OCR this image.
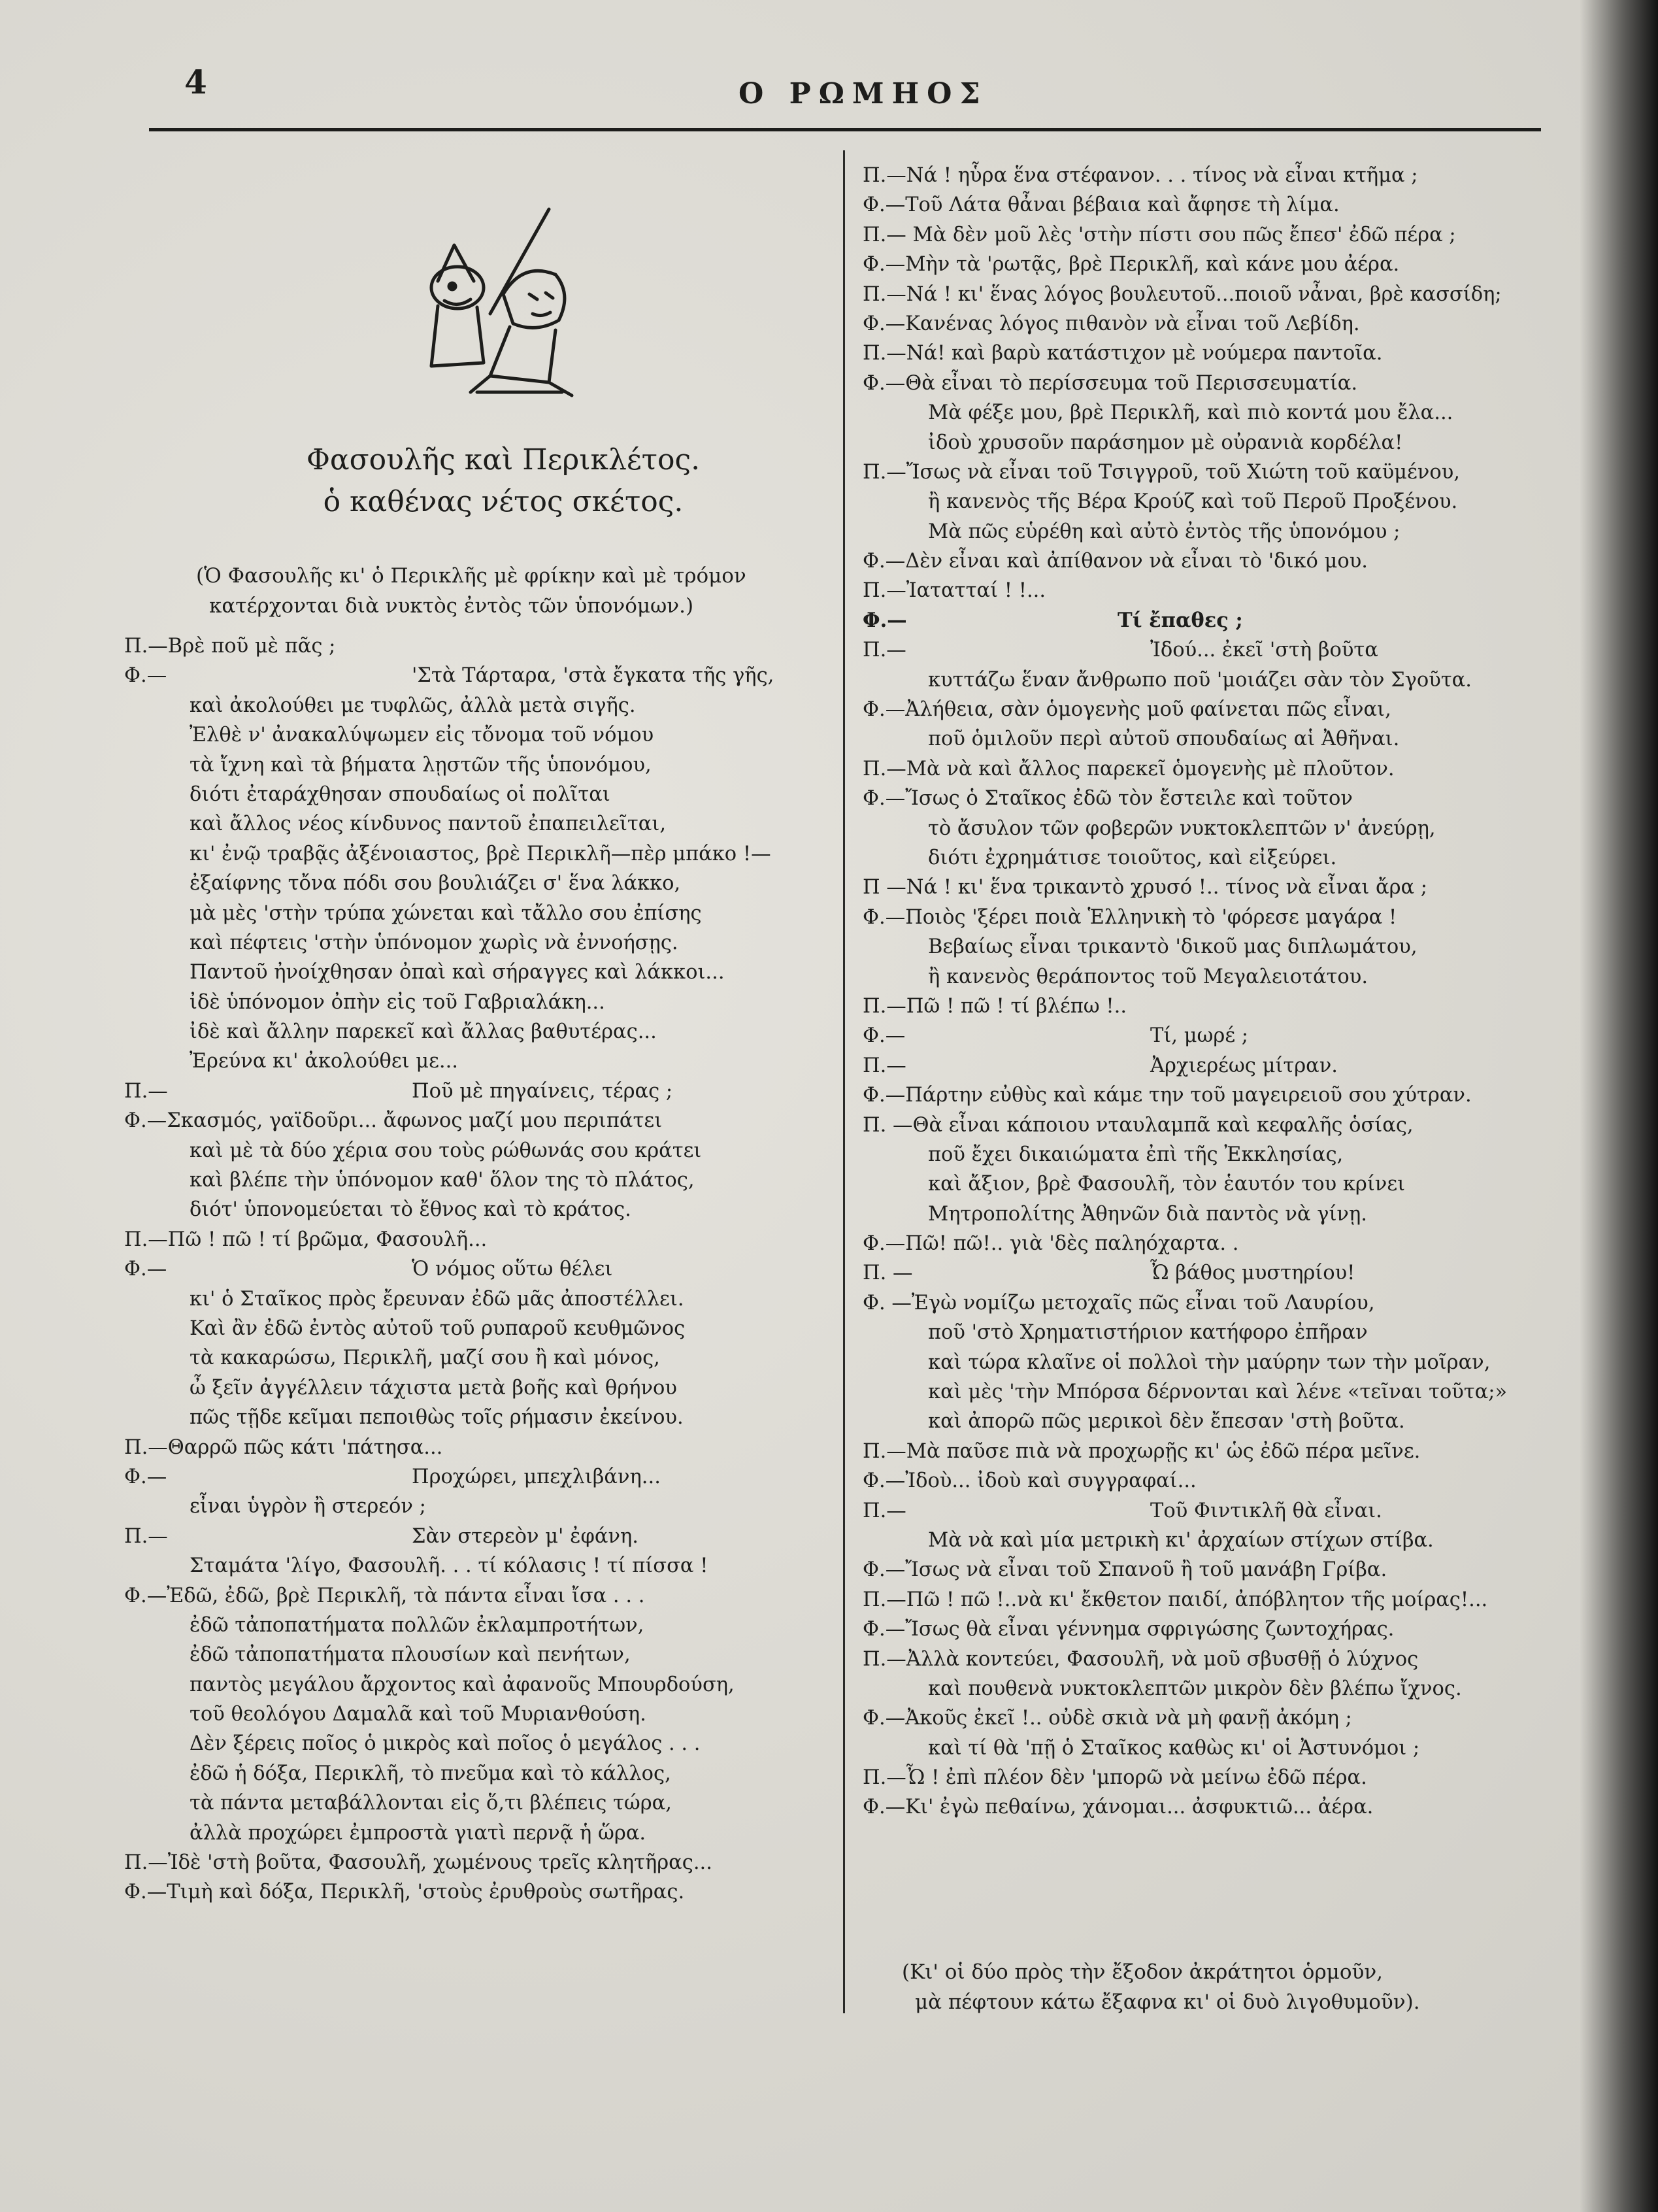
4	Ο ΡΩΜΗΟΣ
Φασουλῆς καὶ Περικλέτος.
ὁ καθένας νέτος σκέτος.
(Ὁ Φασουλῆς κι' ὁ Περικλῆς μὲ φρίκην καὶ μὲ τρόμον
κατέρχονται διὰ νυκτὸς ἐντὸς τῶν ὑπονόμων.)
Π.—Βρὲ ποῦ μὲ πᾶς ;
Φ.—	'Στὰ Τάρταρα, 'στὰ ἔγκατα τῆς γῆς,
καὶ ἀκολούθει με τυφλῶς, ἀλλὰ μετὰ σιγῆς.
Ἐλθὲ ν' ἀνακαλύψωμεν εἰς τὄνομα τοῦ νόμου
τὰ ἴχνη καὶ τὰ βήματα λῃστῶν τῆς ὑπονόμου,
διότι ἐταράχθησαν σπουδαίως οἱ πολῖται
καὶ ἄλλος νέος κίνδυνος παντοῦ ἐπαπειλεῖται,
κι' ἐνῷ τραβᾷς ἀξένοιαστος, βρὲ Περικλῆ—πὲρ μπάκο !—
ἐξαίφνης τὄνα πόδι σου βουλιάζει σ' ἕνα λάκκο,
μὰ μὲς 'στὴν τρύπα χώνεται καὶ τἄλλο σου ἐπίσης
καὶ πέφτεις 'στὴν ὑπόνομον χωρὶς νὰ ἐννοήσῃς.
Παντοῦ ἠνοίχθησαν ὀπαὶ καὶ σήραγγες καὶ λάκκοι...
ἰδὲ ὑπόνομον ὀπὴν εἰς τοῦ Γαβριαλάκη...
ἰδὲ καὶ ἄλλην παρεκεῖ καὶ ἄλλας βαθυτέρας...
Ἐρεύνα κι' ἀκολούθει με...
Π.—	Ποῦ μὲ πηγαίνεις, τέρας ;
Φ.—Σκασμός, γαϊδοῦρι... ἄφωνος μαζί μου περιπάτει
καὶ μὲ τὰ δύο χέρια σου τοὺς ρώθωνάς σου κράτει
καὶ βλέπε τὴν ὑπόνομον καθ' ὅλον της τὸ πλάτος,
διότ' ὑπονομεύεται τὸ ἔθνος καὶ τὸ κράτος.
Π.—Πῶ ! πῶ ! τί βρῶμα, Φασουλῆ...
Φ.—	Ὁ νόμος οὕτω θέλει
κι' ὁ Σταῖκος πρὸς ἔρευναν ἐδῶ μᾶς ἀποστέλλει.
Καὶ ἂν ἐδῶ ἐντὸς αὐτοῦ τοῦ ρυπαροῦ κευθμῶνος
τὰ κακαρώσω, Περικλῆ, μαζί σου ἢ καὶ μόνος,
ὦ ξεῖν ἀγγέλλειν τάχιστα μετὰ βοῆς καὶ θρήνου
πῶς τῇδε κεῖμαι πεποιθὼς τοῖς ρήμασιν ἐκείνου.
Π.—Θαρρῶ πῶς κάτι 'πάτησα...
Φ.—	Προχώρει, μπεχλιβάνη...
εἶναι ὑγρὸν ἢ στερεόν ;
Π.—	Σὰν στερεὸν μ' ἐφάνη.
Σταμάτα 'λίγο, Φασουλῆ. . . τί κόλασις ! τί πίσσα !
Φ.—Ἐδῶ, ἐδῶ, βρὲ Περικλῆ, τὰ πάντα εἶναι ἴσα . . .
ἐδῶ τἀποπατήματα πολλῶν ἐκλαμπροτήτων,
ἐδῶ τἀποπατήματα πλουσίων καὶ πενήτων,
παντὸς μεγάλου ἄρχοντος καὶ ἀφανοῦς Μπουρδούση,
τοῦ θεολόγου Δαμαλᾶ καὶ τοῦ Μυριανθούση.
Δὲν ξέρεις ποῖος ὁ μικρὸς καὶ ποῖος ὁ μεγάλος . . .
ἐδῶ ἡ δόξα, Περικλῆ, τὸ πνεῦμα καὶ τὸ κάλλος,
τὰ πάντα μεταβάλλονται εἰς ὅ,τι βλέπεις τώρα,
ἀλλὰ προχώρει ἐμπροστὰ γιατὶ περνᾷ ἡ ὥρα.
Π.—Ἰδὲ 'στὴ βοῦτα, Φασουλῆ, χωμένους τρεῖς κλητῆρας...
Φ.—Τιμὴ καὶ δόξα, Περικλῆ, 'στοὺς ἐρυθροὺς σωτῆρας.
Π.—Νά ! ηὗρα ἕνα στέφανον. . . τίνος νὰ εἶναι κτῆμα ;
Φ.—Τοῦ Λάτα θἆναι βέβαια καὶ ἄφησε τὴ λίμα.
Π.— Μὰ δὲν μοῦ λὲς 'στὴν πίστι σου πῶς ἔπεσ' ἐδῶ πέρα ;
Φ.—Μὴν τὰ 'ρωτᾷς, βρὲ Περικλῆ, καὶ κάνε μου ἀέρα.
Π.—Νά ! κι' ἕνας λόγος βουλευτοῦ...ποιοῦ νἆναι, βρὲ κασσίδη;
Φ.—Κανένας λόγος πιθανὸν νὰ εἶναι τοῦ Λεβίδη.
Π.—Νά! καὶ βαρὺ κατάστιχον μὲ νούμερα παντοῖα.
Φ.—Θὰ εἶναι τὸ περίσσευμα τοῦ Περισσευματία.
Μὰ φέξε μου, βρὲ Περικλῆ, καὶ πιὸ κοντά μου ἔλα...
ἰδοὺ χρυσοῦν παράσημον μὲ οὐρανιὰ κορδέλα!
Π.—Ἴσως νὰ εἶναι τοῦ Τσιγγροῦ, τοῦ Χιώτη τοῦ καϋμένου,
ἢ κανενὸς τῆς Βέρα Κρούζ καὶ τοῦ Περοῦ Προξένου.
Μὰ πῶς εὑρέθη καὶ αὐτὸ ἐντὸς τῆς ὑπονόμου ;
Φ.—Δὲν εἶναι καὶ ἀπίθανον νὰ εἶναι τὸ 'δικό μου.
Π.—Ἰατατταί ! !...
Φ.—	Τί ἔπαθες ;
Π.—	Ἰδού... ἐκεῖ 'στὴ βοῦτα
κυττάζω ἕναν ἄνθρωπο ποῦ 'μοιάζει σὰν τὸν Σγοῦτα.
Φ.—Ἀλήθεια, σὰν ὁμογενὴς μοῦ φαίνεται πῶς εἶναι,
ποῦ ὁμιλοῦν περὶ αὐτοῦ σπουδαίως αἱ Ἀθῆναι.
Π.—Μὰ νὰ καὶ ἄλλος παρεκεῖ ὁμογενὴς μὲ πλοῦτον.
Φ.—Ἴσως ὁ Σταῖκος ἐδῶ τὸν ἔστειλε καὶ τοῦτον
τὸ ἄσυλον τῶν φοβερῶν νυκτοκλεπτῶν ν' ἀνεύρῃ,
διότι ἐχρημάτισε τοιοῦτος, καὶ εἰξεύρει.
Π —Νά ! κι' ἕνα τρικαντὸ χρυσό !.. τίνος νὰ εἶναι ἄρα ;
Φ.—Ποιὸς 'ξέρει ποιὰ Ἑλληνικὴ τὸ 'φόρεσε μαγάρα !
Βεβαίως εἶναι τρικαντὸ 'δικοῦ μας διπλωμάτου,
ἢ κανενὸς θεράποντος τοῦ Μεγαλειοτάτου.
Π.—Πῶ ! πῶ ! τί βλέπω !..
Φ.—	Τί, μωρέ ;
Π.—	Ἀρχιερέως μίτραν.
Φ.—Πάρτην εὐθὺς καὶ κάμε την τοῦ μαγειρειοῦ σου χύτραν.
Π. —Θὰ εἶναι κάποιου νταυλαμπᾶ καὶ κεφαλῆς ὁσίας,
ποῦ ἔχει δικαιώματα ἐπὶ τῆς Ἐκκλησίας,
καὶ ἄξιον, βρὲ Φασουλῆ, τὸν ἑαυτόν του κρίνει
Μητροπολίτης Ἀθηνῶν διὰ παντὸς νὰ γίνῃ.
Φ.—Πῶ! πῶ!.. γιὰ 'δὲς παληόχαρτα. .
Π. —	Ὦ βάθος μυστηρίου!
Φ. —Ἐγὼ νομίζω μετοχαῖς πῶς εἶναι τοῦ Λαυρίου,
ποῦ 'στὸ Χρηματιστήριον κατήφορο ἐπῆραν
καὶ τώρα κλαῖνε οἱ πολλοὶ τὴν μαύρην των τὴν μοῖραν,
καὶ μὲς 'τὴν Μπόρσα δέρνονται καὶ λένε «τεῖναι τοῦτα;»
καὶ ἀπορῶ πῶς μερικοὶ δὲν ἔπεσαν 'στὴ βοῦτα.
Π.—Μὰ παῦσε πιὰ νὰ προχωρῇς κι' ὡς ἐδῶ πέρα μεῖνε.
Φ.—Ἰδοὺ... ἰδοὺ καὶ συγγραφαί...
Π.—	Τοῦ Φιντικλῆ θὰ εἶναι.
Μὰ νὰ καὶ μία μετρικὴ κι' ἀρχαίων στίχων στίβα.
Φ.—Ἴσως νὰ εἶναι τοῦ Σπανοῦ ἢ τοῦ μανάβη Γρίβα.
Π.—Πῶ ! πῶ !..νὰ κι' ἔκθετον παιδί, ἀπόβλητον τῆς μοίρας!...
Φ.—Ἴσως θὰ εἶναι γέννημα σφριγώσης ζωντοχήρας.
Π.—Ἀλλὰ κοντεύει, Φασουλῆ, νὰ μοῦ σβυσθῇ ὁ λύχνος
καὶ πουθενὰ νυκτοκλεπτῶν μικρὸν δὲν βλέπω ἴχνος.
Φ.—Ἀκοῦς ἐκεῖ !.. οὐδὲ σκιὰ νὰ μὴ φανῇ ἀκόμη ;
καὶ τί θὰ 'πῇ ὁ Σταῖκος καθὼς κι' οἱ Ἀστυνόμοι ;
Π.—Ὦ ! ἐπὶ πλέον δὲν 'μπορῶ νὰ μείνω ἐδῶ πέρα.
Φ.—Κι' ἐγὼ πεθαίνω, χάνομαι... ἀσφυκτιῶ... ἀέρα.
(Κι' οἱ δύο πρὸς τὴν ἔξοδον ἀκράτητοι ὁρμοῦν,
μὰ πέφτουν κάτω ἔξαφνα κι' οἱ δυὸ λιγοθυμοῦν).
